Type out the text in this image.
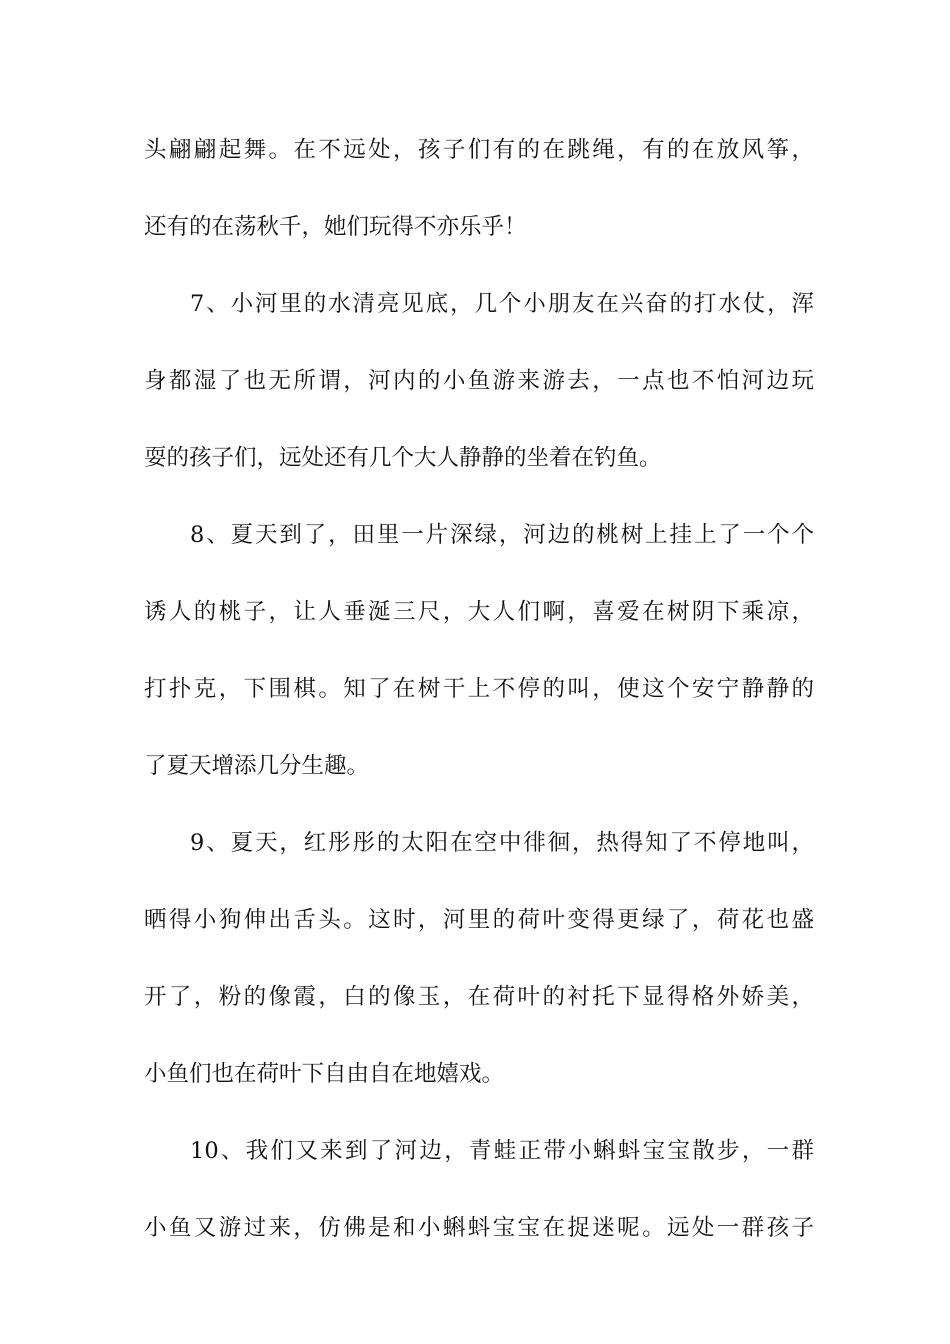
头翩翩起舞。在不远处，孩子们有的在跳绳，有的在放风筝，
还有的在荡秋千，她们玩得不亦乐乎！
7、小河里的水清亮见底，几个小朋友在兴奋的打水仗，浑
身都湿了也无所谓，河内的小鱼游来游去，一点也不怕河边玩
耍的孩子们，远处还有几个大人静静的坐着在钓鱼。
8、夏天到了，田里一片深绿，河边的桃树上挂上了一个个
诱人的桃子，让人垂涎三尺，大人们啊，喜爱在树阴下乘凉，
打扑克，下围棋。知了在树干上不停的叫，使这个安宁静静的
了夏天增添几分生趣。
9、夏天，红彤彤的太阳在空中徘徊，热得知了不停地叫，
晒得小狗伸出舌头。这时，河里的荷叶变得更绿了，荷花也盛
开了，粉的像霞，白的像玉，在荷叶的衬托下显得格外娇美，
小鱼们也在荷叶下自由自在地嬉戏。
10、我们又来到了河边，青蛙正带小蝌蚪宝宝散步，一群
小鱼又游过来，仿佛是和小蝌蚪宝宝在捉迷呢。远处一群孩子
